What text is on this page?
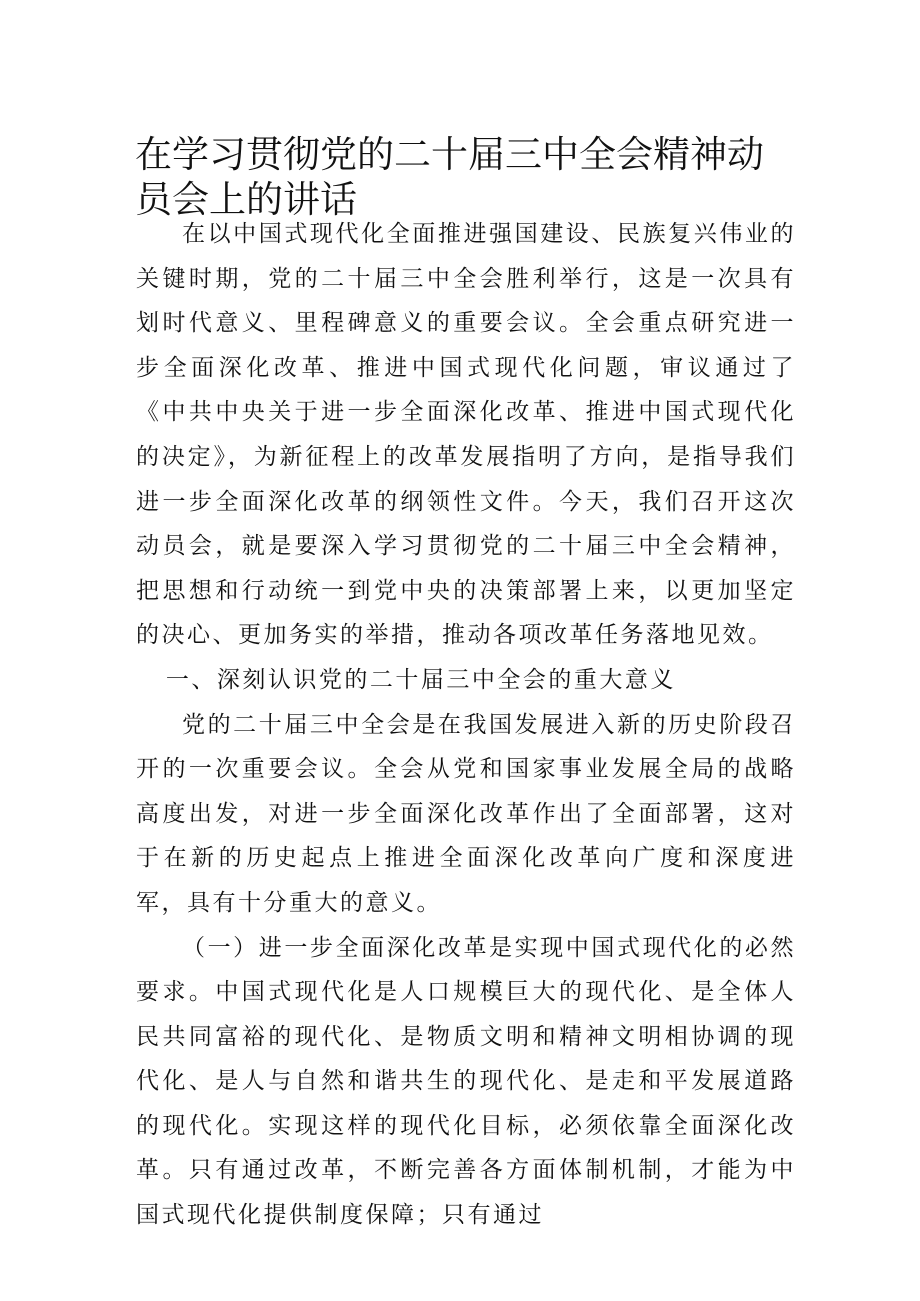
在学习贯彻党的二十届三中全会精神动员会上的讲话

在以中国式现代化全面推进强国建设、民族复兴伟业的关键时期，党的二十届三中全会胜利举行，这是一次具有划时代意义、里程碑意义的重要会议。全会重点研究进一步全面深化改革、推进中国式现代化问题，审议通过了《中共中央关于进一步全面深化改革、推进中国式现代化的决定》，为新征程上的改革发展指明了方向，是指导我们进一步全面深化改革的纲领性文件。今天，我们召开这次动员会，就是要深入学习贯彻党的二十届三中全会精神，把思想和行动统一到党中央的决策部署上来，以更加坚定的决心、更加务实的举措，推动各项改革任务落地见效。

一、深刻认识党的二十届三中全会的重大意义

党的二十届三中全会是在我国发展进入新的历史阶段召开的一次重要会议。全会从党和国家事业发展全局的战略高度出发，对进一步全面深化改革作出了全面部署，这对于在新的历史起点上推进全面深化改革向广度和深度进军，具有十分重大的意义。

（一）进一步全面深化改革是实现中国式现代化的必然要求。中国式现代化是人口规模巨大的现代化、是全体人民共同富裕的现代化、是物质文明和精神文明相协调的现代化、是人与自然和谐共生的现代化、是走和平发展道路的现代化。实现这样的现代化目标，必须依靠全面深化改革。只有通过改革，不断完善各方面体制机制，才能为中国式现代化提供制度保障；只有通过
